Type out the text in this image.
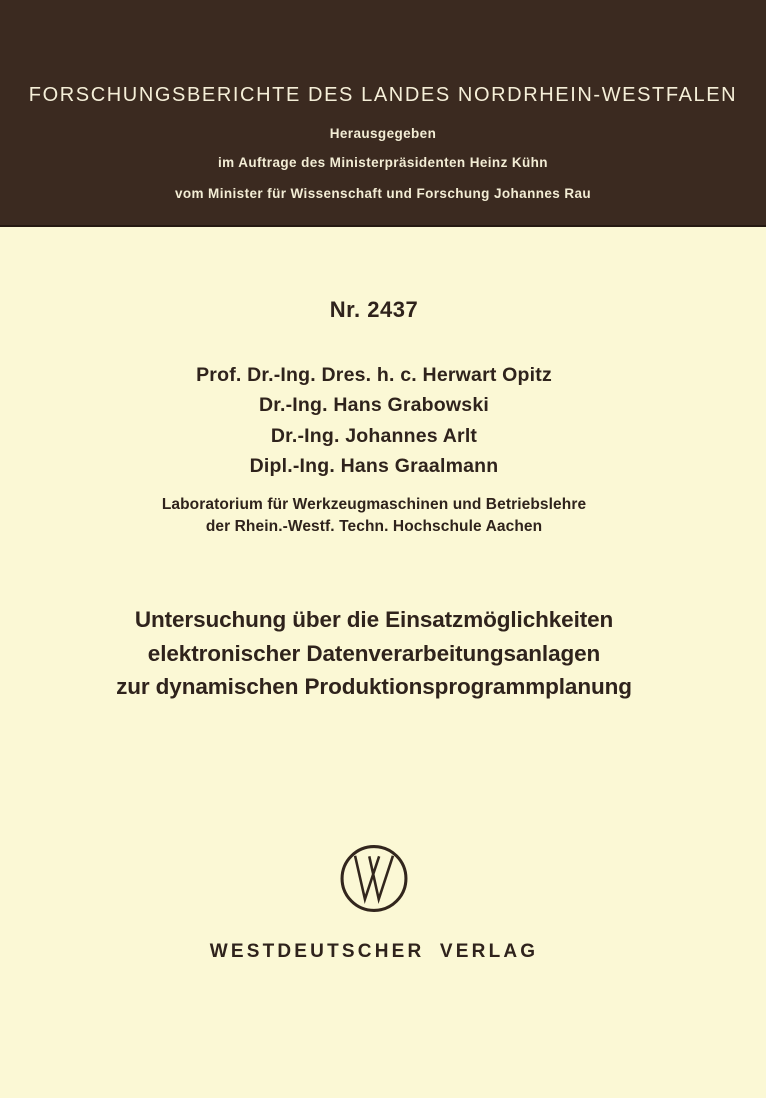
FORSCHUNGSBERICHTE DES LANDES NORDRHEIN-WESTFALEN
Herausgegeben
im Auftrage des Ministerpräsidenten Heinz Kühn
vom Minister für Wissenschaft und Forschung Johannes Rau
Nr. 2437
Prof. Dr.-Ing. Dres. h. c. Herwart Opitz
Dr.-Ing. Hans Grabowski
Dr.-Ing. Johannes Arlt
Dipl.-Ing. Hans Graalmann
Laboratorium für Werkzeugmaschinen und Betriebslehre
der Rhein.-Westf. Techn. Hochschule Aachen
Untersuchung über die Einsatzmöglichkeiten
elektronischer Datenverarbeitungsanlagen
zur dynamischen Produktionsprogrammplanung
WESTDEUTSCHER VERLAG
